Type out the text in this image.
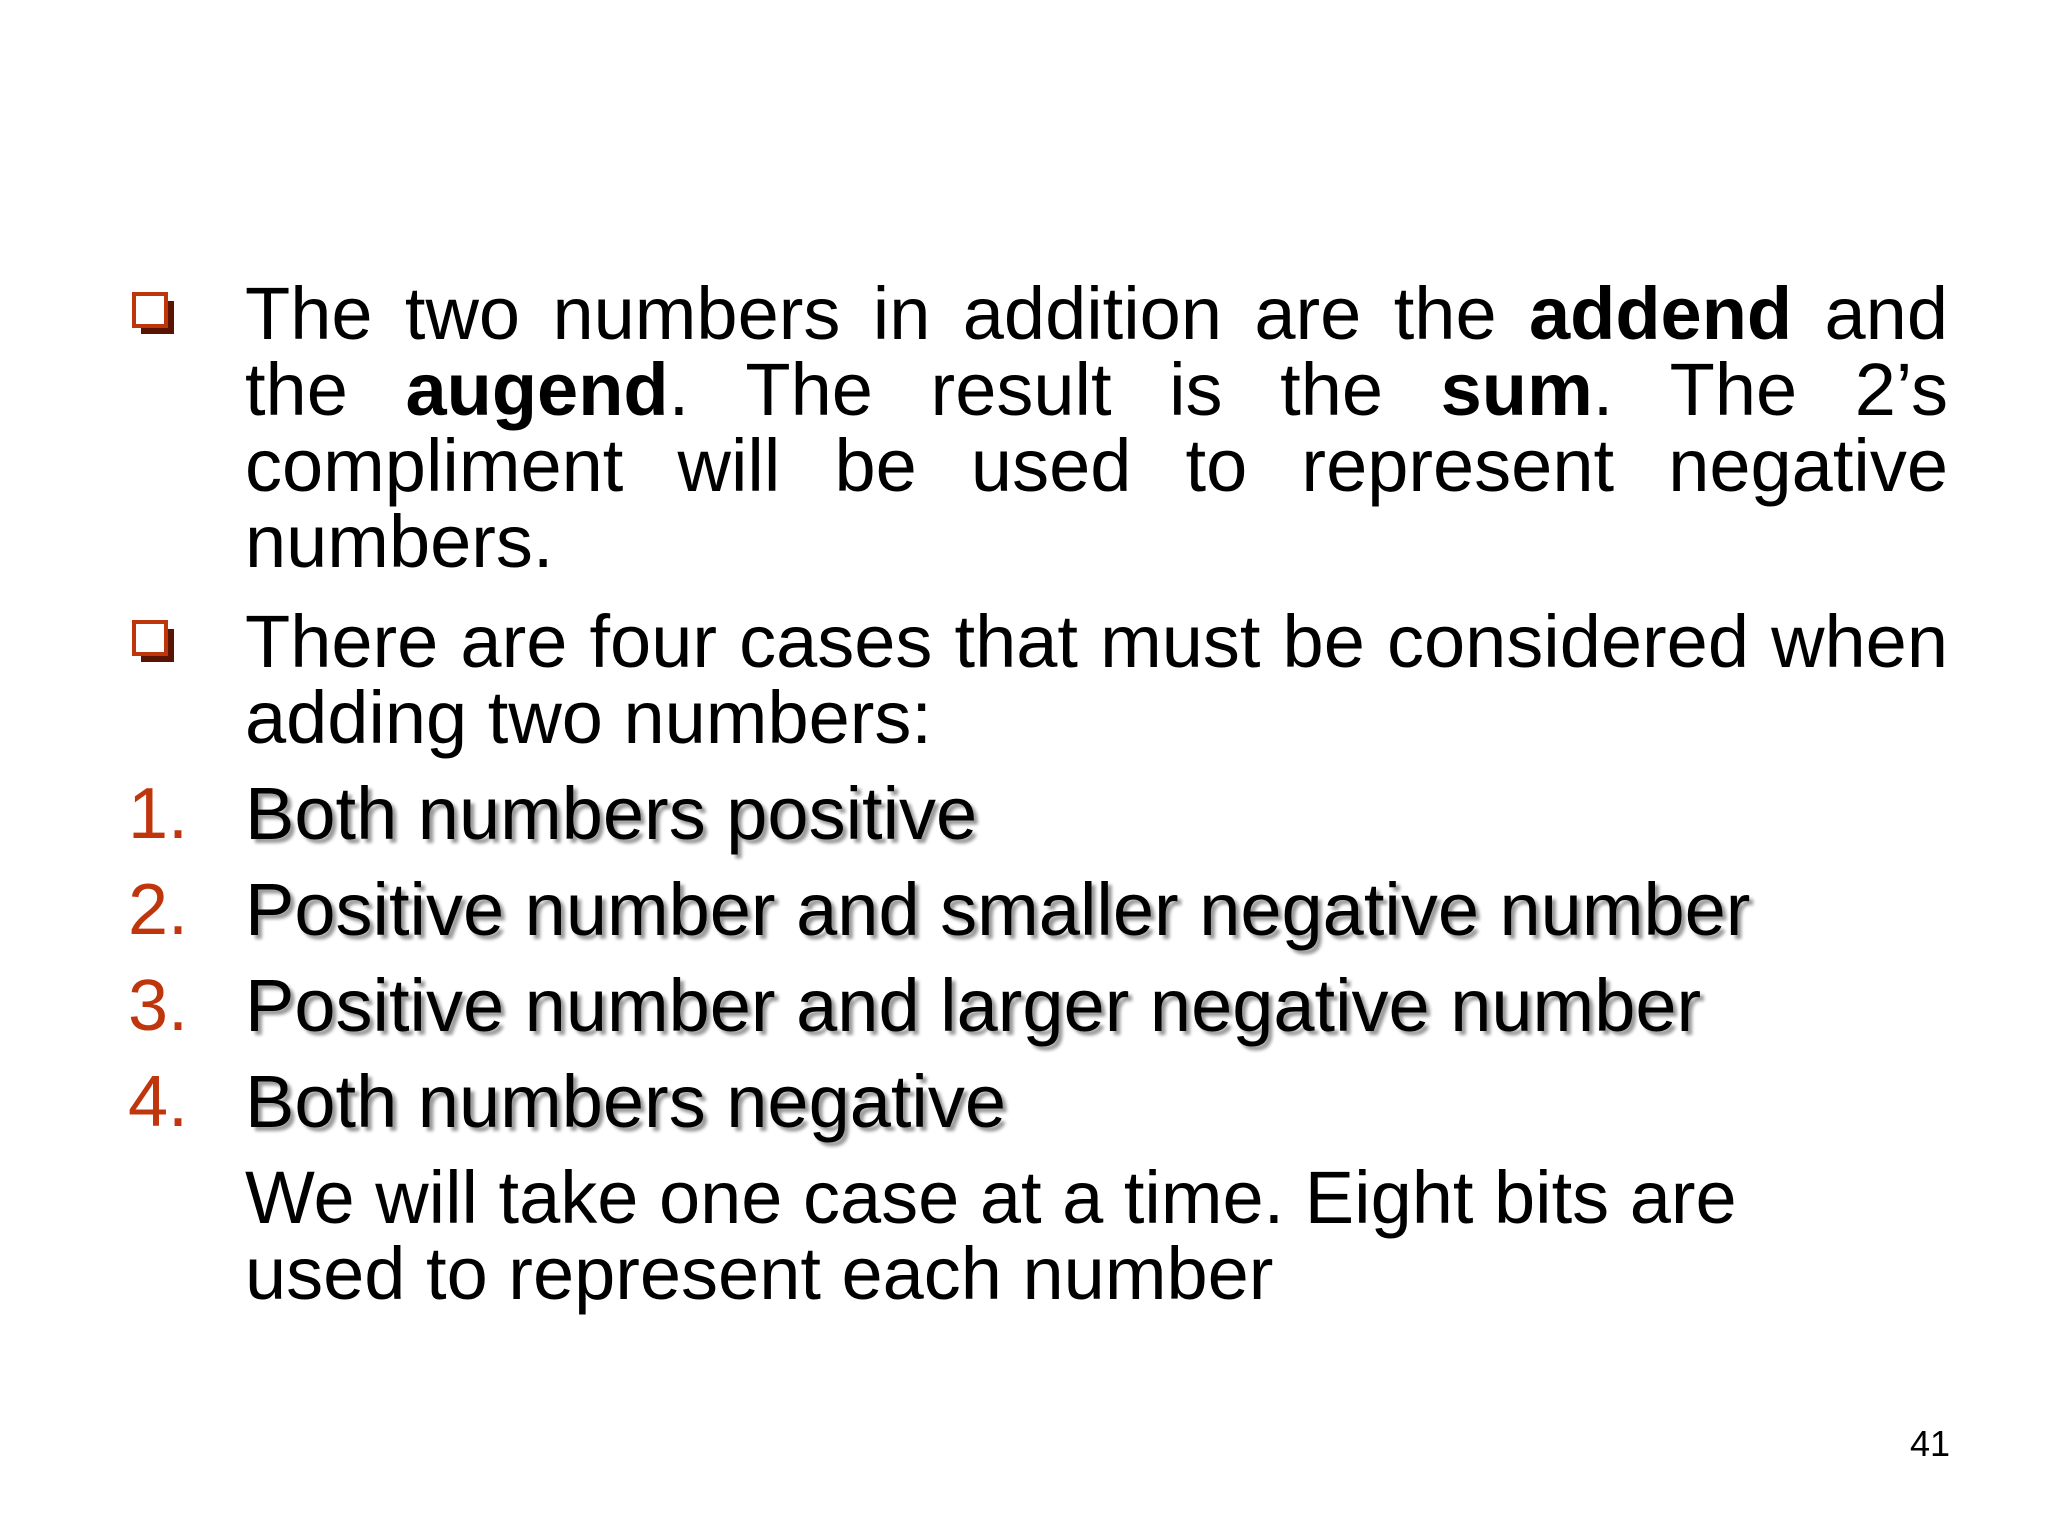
The two numbers in addition are the addend and the augend. The result is the sum. The 2’s compliment will be used to represent negative numbers.
There are four cases that must be considered when adding two numbers:
1. Both numbers positive
2. Positive number and smaller negative number
3. Positive number and larger negative number
4. Both numbers negative
We will take one case at a time. Eight bits are used to represent each number
41
